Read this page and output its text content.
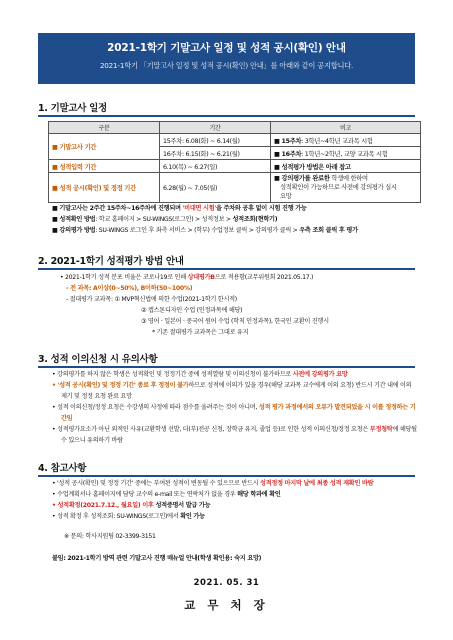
2021-1학기 기말고사 일정 및 성적 공시(확인) 안내
2021-1학기 「기말고사 일정 및 성적 공시(확인) 안내」를 아래와 같이 공지합니다.
1. 기말고사 일정
구분	기간	비고
■ 기말고사 기간	15주차: 6.08(화) ~ 6.14(월)	■ 15주차: 3학년~4학년 교과목 시험
	16주차: 6.15(화) ~ 6.21(월)	■ 16주차: 1학년~2학년, 교양 교과목 시험
■ 성적입력 기간	6.10(목) ~ 6.27(일)	■ 성적평가 방법은 아래 참고
■ 성적 공시(확인) 및 정정 기간	6.28(월) ~ 7.05(월)	■ 강의평가를 완료한 학생에 한하여
성적확인이 가능하므로 사전에 강의평가 실시
요망
■ 기말고사는 2주간 15주차~16주차에 진행되며 '비대면 시험'을 주차와 공휴 없이 시험 진행 가능
■ 성적확인 방법: 학교 홈페이지 > SU-WINGS(로그인) > 성적정보 > 성적조회(현학기)
■ 강의평가 방법: SU-WINGS 로그인 후 좌측 서비스 > (학부) 수업정보 클릭 > 강의평가 클릭 > 우측 조회 클릭 후 평가
2. 2021-1학기 성적평가 방법 안내
• 2021-1학기 성적 분포 비율은 코로나19로 인해 상대평가B으로 적용함(교무위원회 2021.05.17.)
- 전 과목: A이상(0~50%), B이하(50~100%)
- 절대평가 교과목: ① MVP혁신법에 의한 수업(2021-1학기 한시적)
② 캡스톤디자인 수업 (인정과목에 해당)
③ 영어 · 일본어 · 중국어 원어 수업 (학칙 인정과목), 한국인 교환이 진행시
* 기존 절대평가 교과목은 그대로 유지
3. 성적 이의신청 시 유의사항

• 강의평가를 하지 않은 학생은 성적확인 및 정정기간 중에 성적열람 및 이의신청이 불가하므로 사전에 강의평가 요망

• '성적 공시(확인) 및 정정 기간' 종료 후 정정이 불가하므로 성적에 이의가 있을 경우(해당 교과목 교수에게 이의 요청) 반드시 기간 내에 이의 제기 및 정정 요청 완료 요망

• 성적 이의신청/정정 요청은 수강생의 사정에 따라 점수를 올려주는 것이 아니며, 성적 평가 과정에서의 오류가 발견되었을 시 이를 정정하는 기간임

• 성적평가요소가 아닌 외적인 사유(교환학생 선발, 더(부)전공 신청, 장학금 유지, 졸업 등)로 인한 성적 이의신청/정정 요청은 부정청탁에 해당될 수 있으니 유의하기 바람

4. 참고사항

• '성적 공시(확인) 및 정정 기간' 중에는 부여된 성적이 변동될 수 있으므로 반드시 성적정정 마지막 날에 최종 성적 재확인 바람

• 수업계획서나 홈페이지에 담당 교수의 e-mail 또는 연락처가 없을 경우 해당 학과에 확인

• 성적확정(2021.7.12., 월요일) 이후 성적증명서 발급 가능

• 성적 확정 후 성적조회: SU-WINGS(로그인)에서 확인 가능

※ 문의: 학사지원팀 02-3399-3151
붙임: 2021-1학기 방역 관련 기말고사 진행 매뉴얼 안내(학생 확인용: 숙지 요망)
2021. 05. 31
교 무 처 장
